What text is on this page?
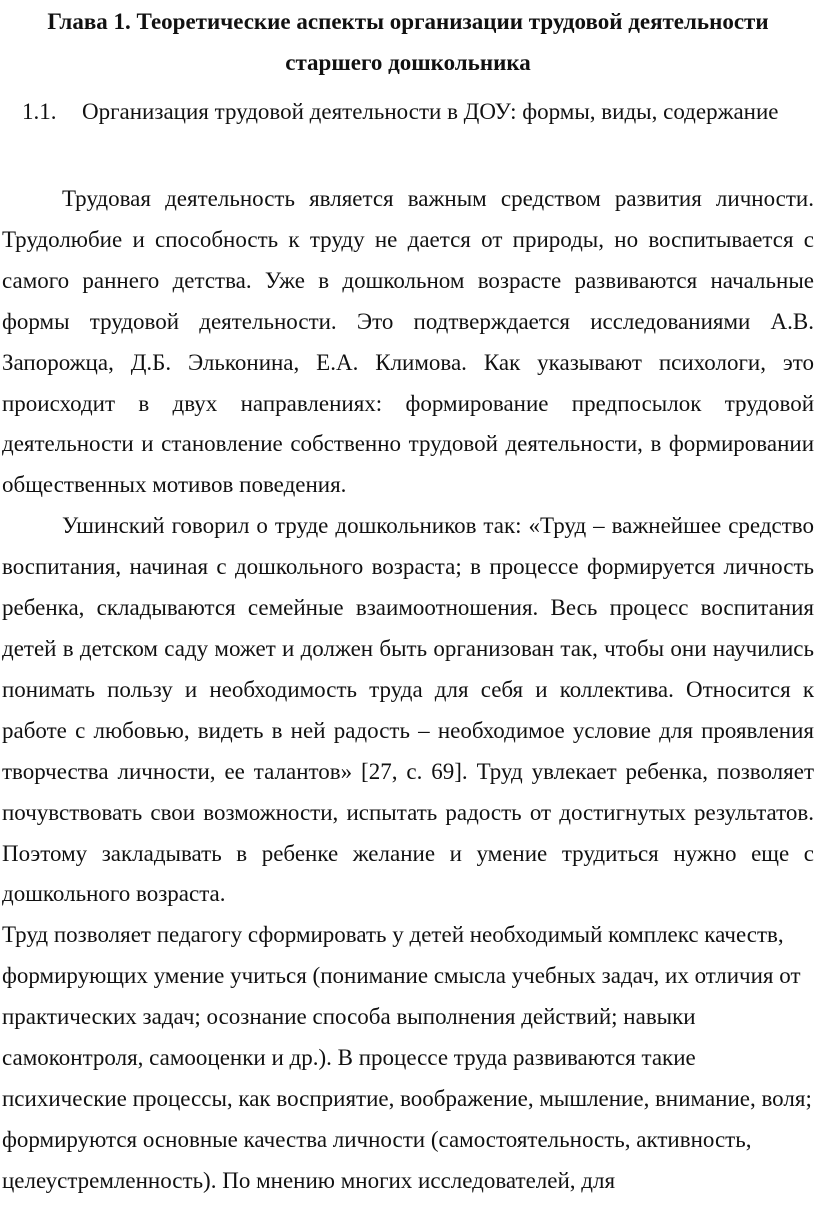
Глава 1. Теоретические аспекты организации трудовой деятельности старшего дошкольника
1.1. Организация трудовой деятельности в ДОУ: формы, виды, содержание

Трудовая деятельность является важным средством развития личности. Трудолюбие и способность к труду не дается от природы, но воспитывается с самого раннего детства. Уже в дошкольном возрасте развиваются начальные формы трудовой деятельности. Это подтверждается исследованиями А.В. Запорожца, Д.Б. Эльконина, Е.А. Климова. Как указывают психологи, это происходит в двух направлениях: формирование предпосылок трудовой деятельности и становление собственно трудовой деятельности, в формировании общественных мотивов поведения.

Ушинский говорил о труде дошкольников так: «Труд – важнейшее средство воспитания, начиная с дошкольного возраста; в процессе формируется личность ребенка, складываются семейные взаимоотношения. Весь процесс воспитания детей в детском саду может и должен быть организован так, чтобы они научились понимать пользу и необходимость труда для себя и коллектива. Относится к работе с любовью, видеть в ней радость – необходимое условие для проявления творчества личности, ее талантов» [27, с. 69]. Труд увлекает ребенка, позволяет почувствовать свои возможности, испытать радость от достигнутых результатов. Поэтому закладывать в ребенке желание и умение трудиться нужно еще с дошкольного возраста.

Труд позволяет педагогу сформировать у детей необходимый комплекс качеств, формирующих умение учиться (понимание смысла учебных задач, их отличия от практических задач; осознание способа выполнения действий; навыки самоконтроля, самооценки и др.). В процессе труда развиваются такие психические процессы, как восприятие, воображение, мышление, внимание, воля; формируются основные качества личности (самостоятельность, активность, целеустремленность). По мнению многих исследователей, для
